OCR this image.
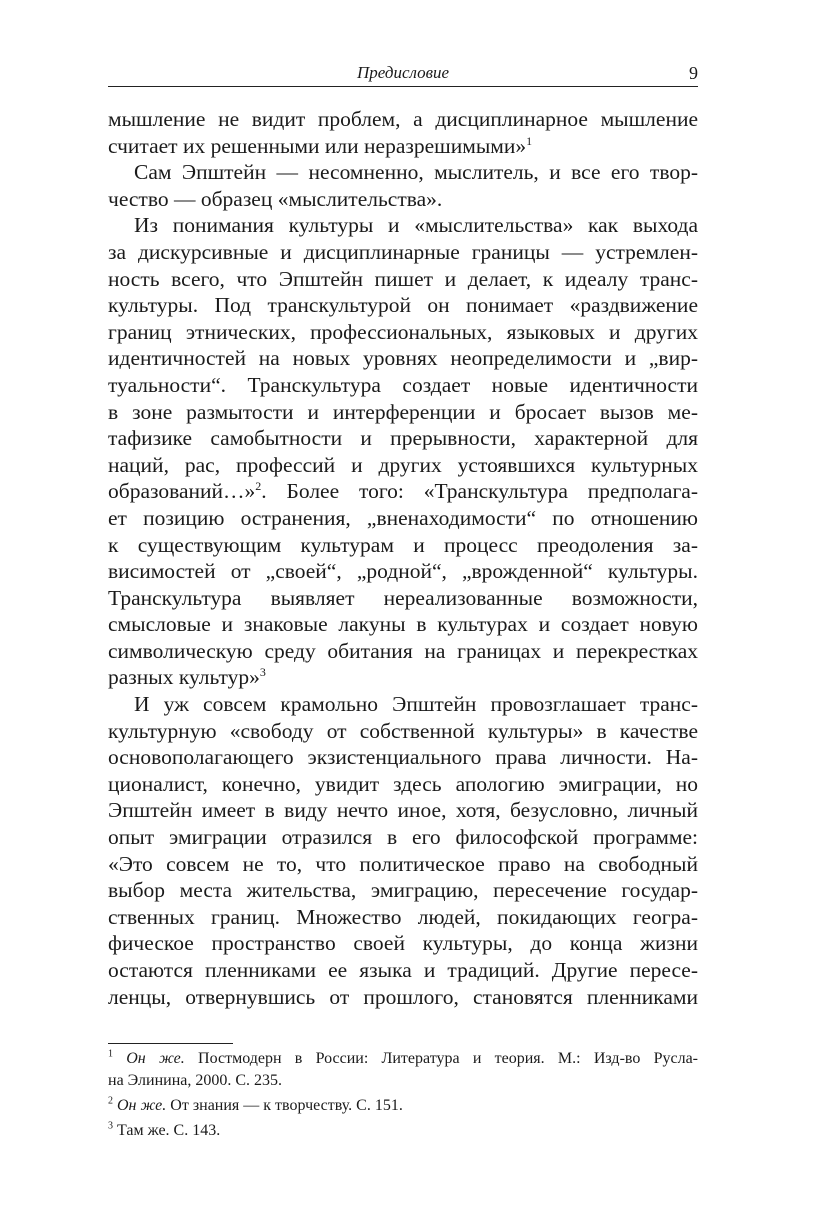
Предисловие	9
мышление не видит проблем, а дисциплинарное мышление
считает их решенными или неразрешимыми»$^1$
Сам Эпштейн — несомненно, мыслитель, и все его твор-
чество — образец «мыслительства».
Из понимания культуры и «мыслительства» как выхода
за дискурсивные и дисциплинарные границы — устремлен-
ность всего, что Эпштейн пишет и делает, к идеалу транс-
культуры. Под транскультурой он понимает «раздвижение
границ этнических, профессиональных, языковых и других
идентичностей на новых уровнях неопределимости и „вир-
туальности“. Транскультура создает новые идентичности
в зоне размытости и интерференции и бросает вызов ме-
тафизике самобытности и прерывности, характерной для
наций, рас, профессий и других устоявшихся культурных
образований…»$^2$. Более того: «Транскультура предполага-
ет позицию остранения, „вненаходимости“ по отношению
к существующим культурам и процесс преодоления за-
висимостей от „своей“, „родной“, „врожденной“ культуры.
Транскультура выявляет нереализованные возможности,
смысловые и знаковые лакуны в культурах и создает новую
символическую среду обитания на границах и перекрестках
разных культур»$^3$
И уж совсем крамольно Эпштейн провозглашает транс-
культурную «свободу от собственной культуры» в качестве
основополагающего экзистенциального права личности. На-
ционалист, конечно, увидит здесь апологию эмиграции, но
Эпштейн имеет в виду нечто иное, хотя, безусловно, личный
опыт эмиграции отразился в его философской программе:
«Это совсем не то, что политическое право на свободный
выбор места жительства, эмиграцию, пересечение государ-
ственных границ. Множество людей, покидающих геогра-
фическое пространство своей культуры, до конца жизни
остаются пленниками ее языка и традиций. Другие пересе-
ленцы, отвернувшись от прошлого, становятся пленниками
$^1$ Он же. Постмодерн в России: Литература и теория. М.: Изд-во Русла-
на Элинина, 2000. С. 235.
$^2$ Он же. От знания — к творчеству. С. 151.
$^3$ Там же. С. 143.
